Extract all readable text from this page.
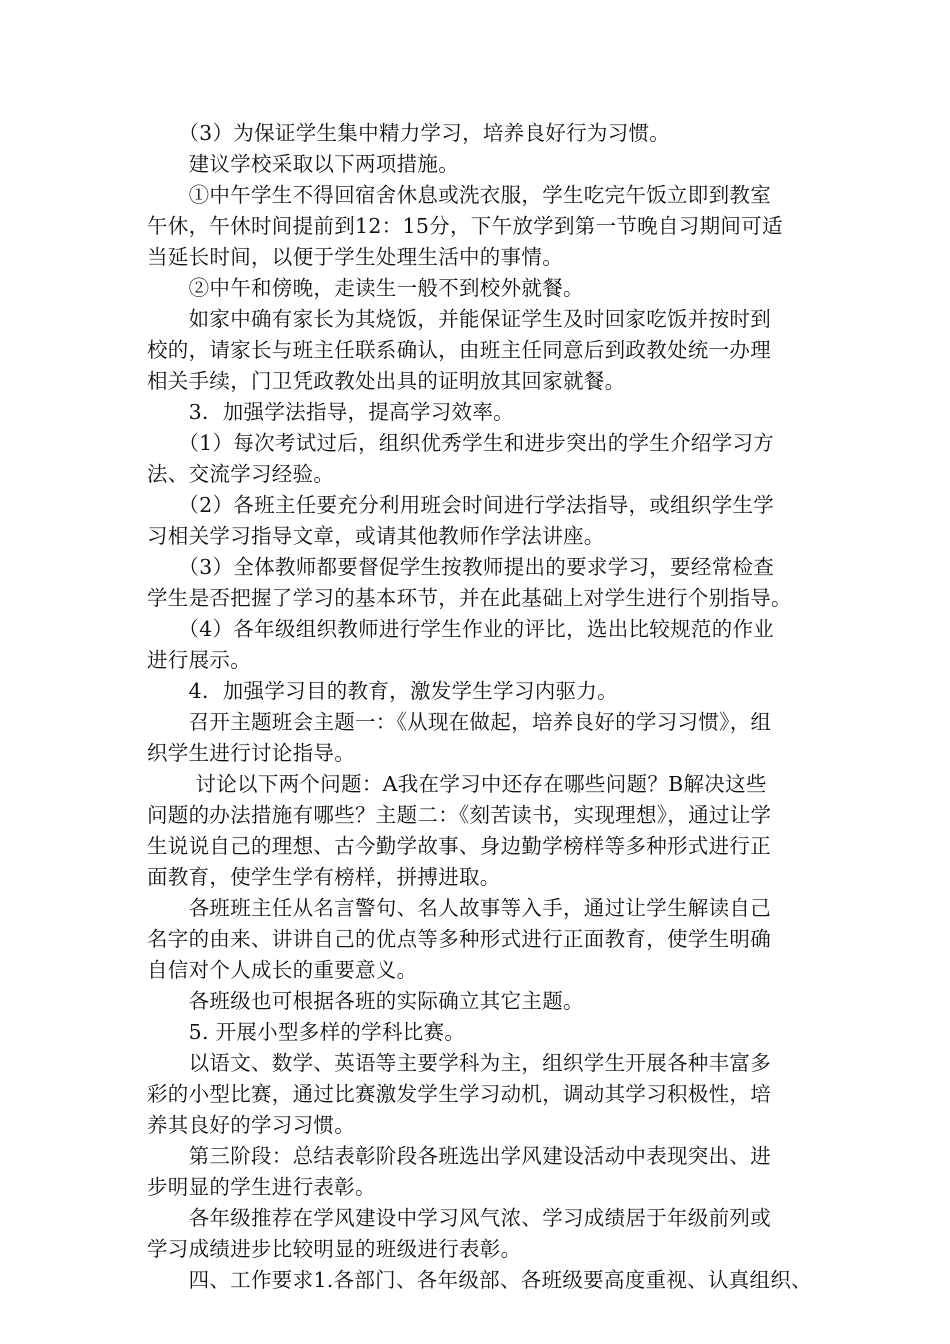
　　（3）为保证学生集中精力学习，培养良好行为习惯。
　　建议学校采取以下两项措施。
　　①中午学生不得回宿舍休息或洗衣服，学生吃完午饭立即到教室
午休，午休时间提前到12：15分，下午放学到第一节晚自习期间可适
当延长时间，以便于学生处理生活中的事情。
　　②中午和傍晚，走读生一般不到校外就餐。
　　如家中确有家长为其烧饭，并能保证学生及时回家吃饭并按时到
校的，请家长与班主任联系确认，由班主任同意后到政教处统一办理
相关手续，门卫凭政教处出具的证明放其回家就餐。
　　3．加强学法指导，提高学习效率。
　　（1）每次考试过后，组织优秀学生和进步突出的学生介绍学习方
法、交流学习经验。
　　（2）各班主任要充分利用班会时间进行学法指导，或组织学生学
习相关学习指导文章，或请其他教师作学法讲座。
　　（3）全体教师都要督促学生按教师提出的要求学习，要经常检查
学生是否把握了学习的基本环节，并在此基础上对学生进行个别指导。
　　（4）各年级组织教师进行学生作业的评比，选出比较规范的作业
进行展示。
　　4．加强学习目的教育，激发学生学习内驱力。
　　召开主题班会主题一：《从现在做起，培养良好的学习习惯》，组
织学生进行讨论指导。
　　 讨论以下两个问题：A我在学习中还存在哪些问题？B解决这些
问题的办法措施有哪些？主题二：《刻苦读书，实现理想》，通过让学
生说说自己的理想、古今勤学故事、身边勤学榜样等多种形式进行正
面教育，使学生学有榜样，拼搏进取。
　　各班班主任从名言警句、名人故事等入手，通过让学生解读自己
名字的由来、讲讲自己的优点等多种形式进行正面教育，使学生明确
自信对个人成长的重要意义。
　　各班级也可根据各班的实际确立其它主题。
　　5. 开展小型多样的学科比赛。
　　以语文、数学、英语等主要学科为主，组织学生开展各种丰富多
彩的小型比赛，通过比赛激发学生学习动机，调动其学习积极性，培
养其良好的学习习惯。
　　第三阶段：总结表彰阶段各班选出学风建设活动中表现突出、进
步明显的学生进行表彰。
　　各年级推荐在学风建设中学习风气浓、学习成绩居于年级前列或
学习成绩进步比较明显的班级进行表彰。
　　四、工作要求1.各部门、各年级部、各班级要高度重视、认真组织、
